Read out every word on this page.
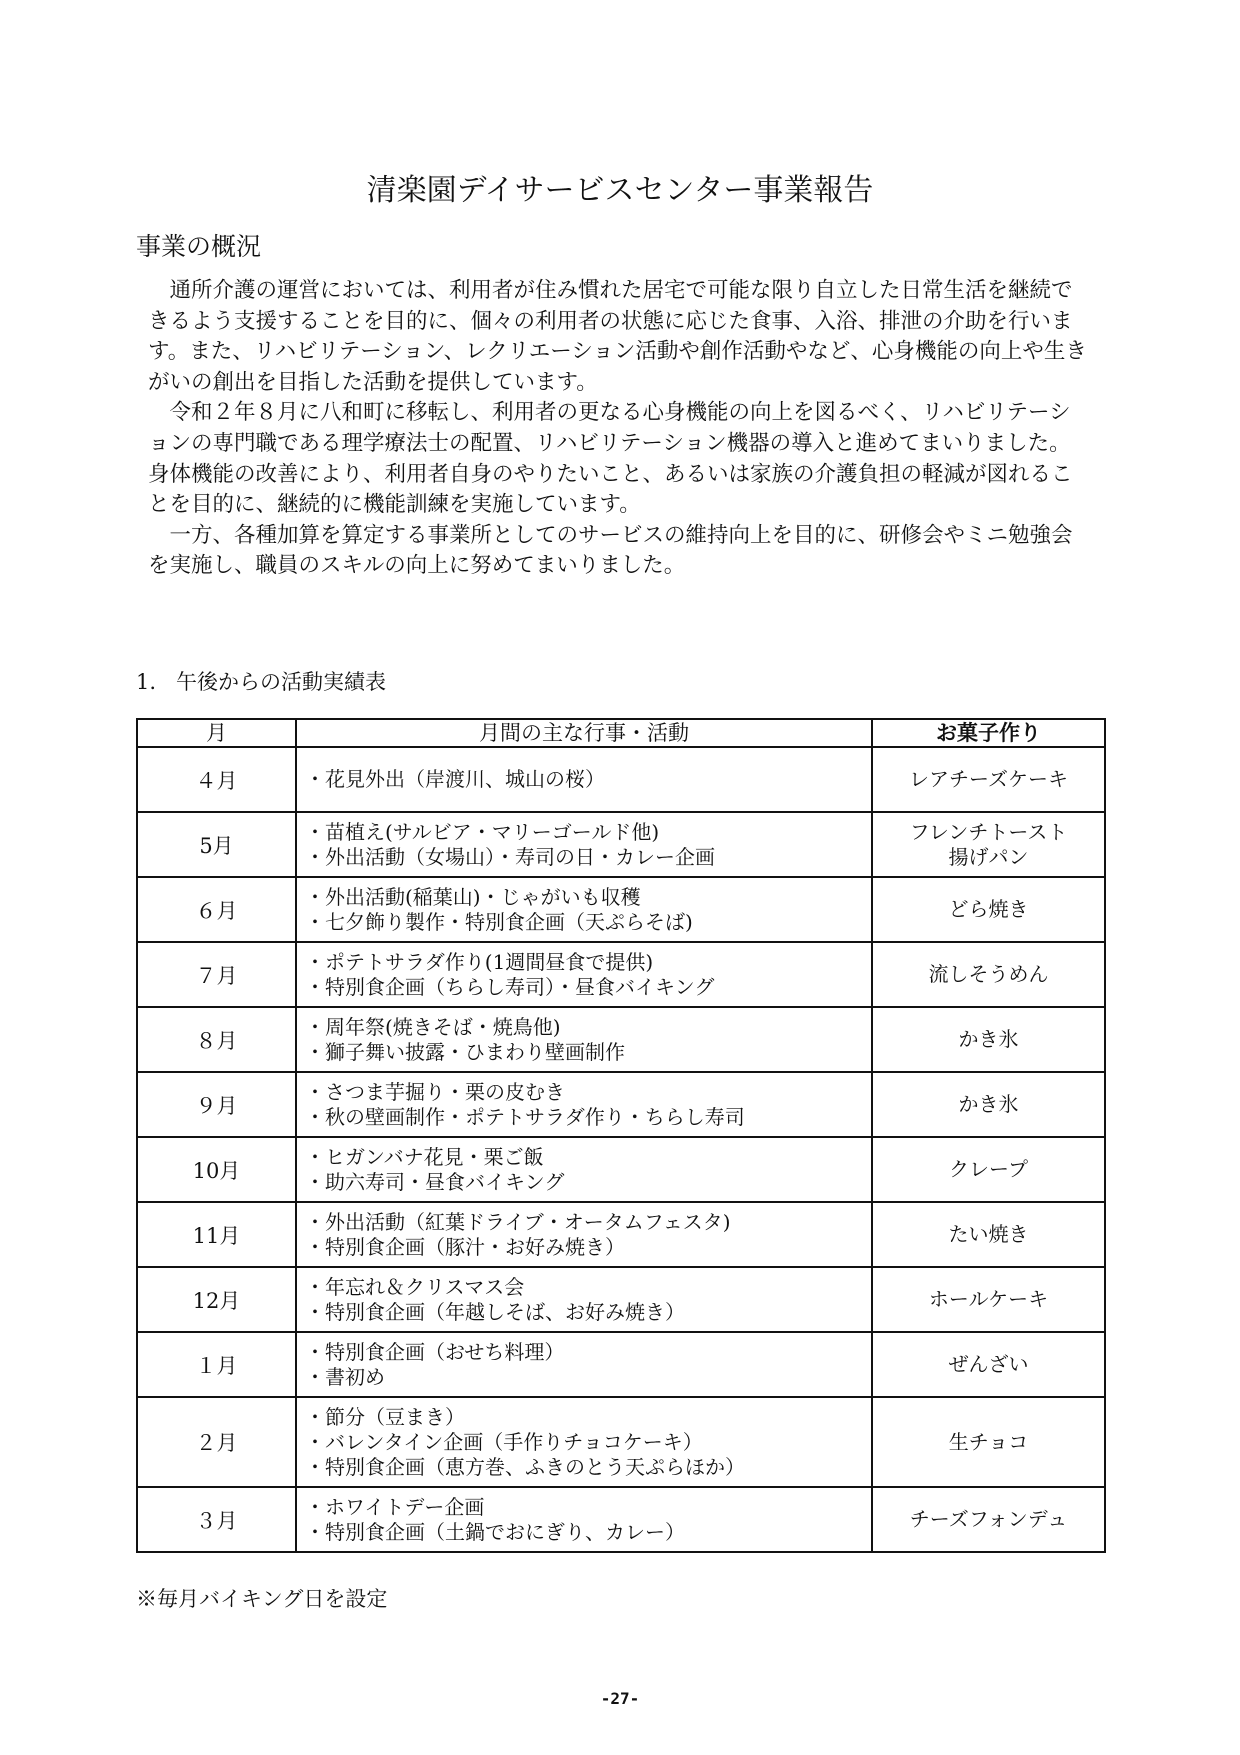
清楽園デイサービスセンター事業報告
事業の概況

通所介護の運営においては、利用者が住み慣れた居宅で可能な限り自立した日常生活を継続できるよう支援することを目的に、個々の利用者の状態に応じた食事、入浴、排泄の介助を行います。また、リハビリテーション、レクリエーション活動や創作活動やなど、心身機能の向上や生きがいの創出を目指した活動を提供しています。

令和２年８月に八和町に移転し、利用者の更なる心身機能の向上を図るべく、リハビリテーションの専門職である理学療法士の配置、リハビリテーション機器の導入と進めてまいりました。身体機能の改善により、利用者自身のやりたいこと、あるいは家族の介護負担の軽減が図れることを目的に、継続的に機能訓練を実施しています。

一方、各種加算を算定する事業所としてのサービスの維持向上を目的に、研修会やミニ勉強会を実施し、職員のスキルの向上に努めてまいりました。

1. 午後からの活動実績表
月	月間の主な行事・活動	お菓子作り
４月	・花見外出（岸渡川、城山の桜）	レアチーズケーキ

5月	・苗植え(サルビア・マリーゴールド他)
・外出活動（女場山）・寿司の日・カレー企画	フレンチトースト
揚げパン

６月	・外出活動(稲葉山)・じゃがいも収穫
・七夕飾り製作・特別食企画（天ぷらそば)	どら焼き

７月	・ポテトサラダ作り(1週間昼食で提供)
・特別食企画（ちらし寿司）・昼食バイキング	流しそうめん

８月	・周年祭(焼きそば・焼鳥他)
・獅子舞い披露・ひまわり壁画制作	かき氷

９月	・さつま芋掘り・栗の皮むき
・秋の壁画制作・ポテトサラダ作り・ちらし寿司	かき氷

10月	・ヒガンバナ花見・栗ご飯
・助六寿司・昼食バイキング	クレープ

11月	・外出活動（紅葉ドライブ・オータムフェスタ)
・特別食企画（豚汁・お好み焼き）	たい焼き

12月	・年忘れ＆クリスマス会
・特別食企画（年越しそば、お好み焼き）	ホールケーキ

１月	・特別食企画（おせち料理）
・書初め	ぜんざい

２月	・節分（豆まき）
・バレンタイン企画（手作りチョコケーキ）
・特別食企画（恵方巻、ふきのとう天ぷらほか）	生チョコ

３月	・ホワイトデー企画
・特別食企画（土鍋でおにぎり、カレー）	チーズフォンデュ
※毎月バイキング日を設定
-27-
